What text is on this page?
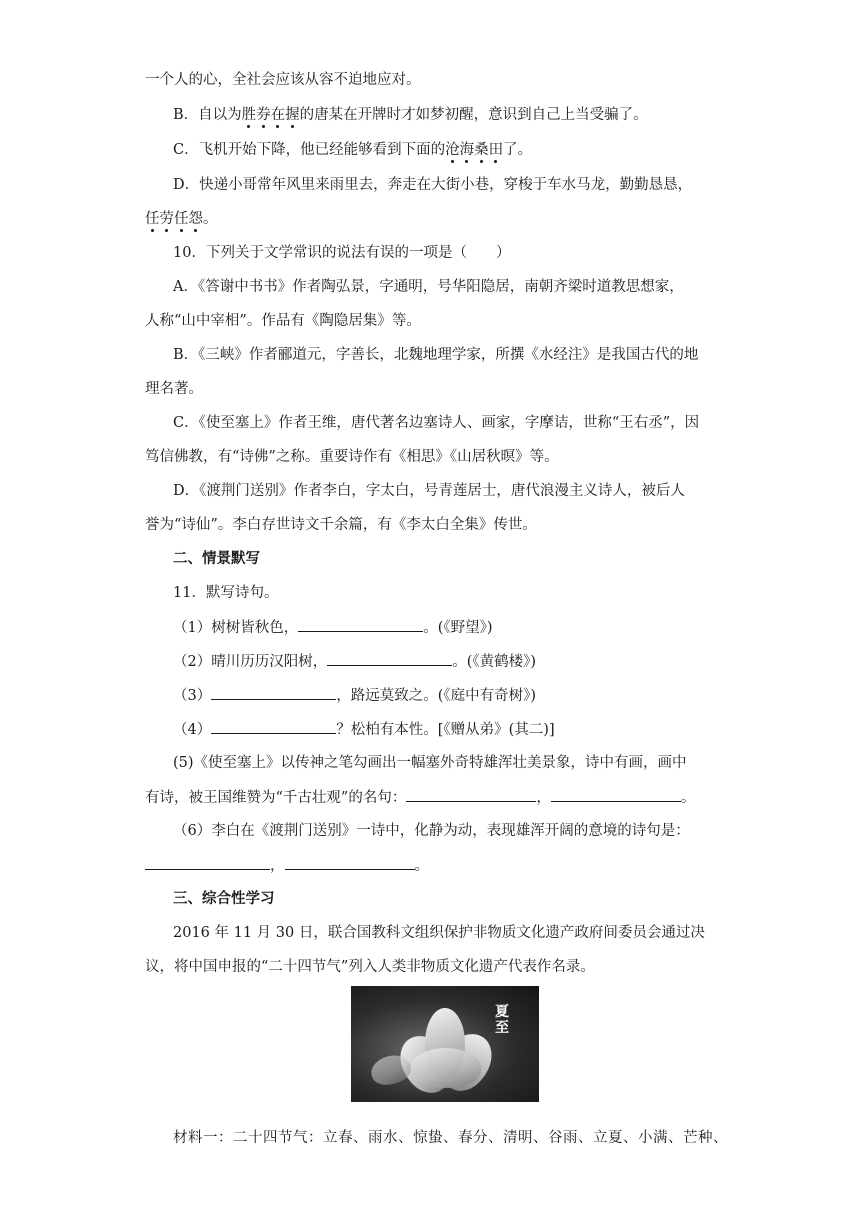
一个人的心，全社会应该从容不迫地应对。
B．自以为胜券在握的唐某在开牌时才如梦初醒，意识到自己上当受骗了。
C．飞机开始下降，他已经能够看到下面的沧海桑田了。
D．快递小哥常年风里来雨里去，奔走在大街小巷，穿梭于车水马龙，勤勤恳恳，
任劳任怨。
10．下列关于文学常识的说法有误的一项是（　　）
A．《答谢中书书》作者陶弘景，字通明，号华阳隐居，南朝齐梁时道教思想家，
人称“山中宰相”。作品有《陶隐居集》等。
B．《三峡》作者郦道元，字善长，北魏地理学家，所撰《水经注》是我国古代的地
理名著。
C．《使至塞上》作者王维，唐代著名边塞诗人、画家，字摩诘，世称“王右丞”，因
笃信佛教，有“诗佛”之称。重要诗作有《相思》《山居秋暝》等。
D．《渡荆门送别》作者李白，字太白，号青莲居士，唐代浪漫主义诗人，被后人
誉为“诗仙”。李白存世诗文千余篇，有《李太白全集》传世。
二、情景默写
11．默写诗句。
（1）树树皆秋色，	。(《野望》)
（2）晴川历历汉阳树，	。(《黄鹤楼》)
（3）	，路远莫致之。(《庭中有奇树》)
（4）	？松柏有本性。[《赠从弟》(其二)]
(5)《使至塞上》以传神之笔勾画出一幅塞外奇特雄浑壮美景象，诗中有画，画中
有诗，被王国维赞为“千古壮观”的名句：	，	。
（6）李白在《渡荆门送别》一诗中，化静为动，表现雄浑开阔的意境的诗句是：
，	。
三、综合性学习
2016 年 11 月 30 日，联合国教科文组织保护非物质文化遗产政府间委员会通过决
议，将中国申报的“二十四节气”列入人类非物质文化遗产代表作名录。
夏至
材料一：二十四节气：立春、雨水、惊蛰、春分、清明、谷雨、立夏、小满、芒种、
